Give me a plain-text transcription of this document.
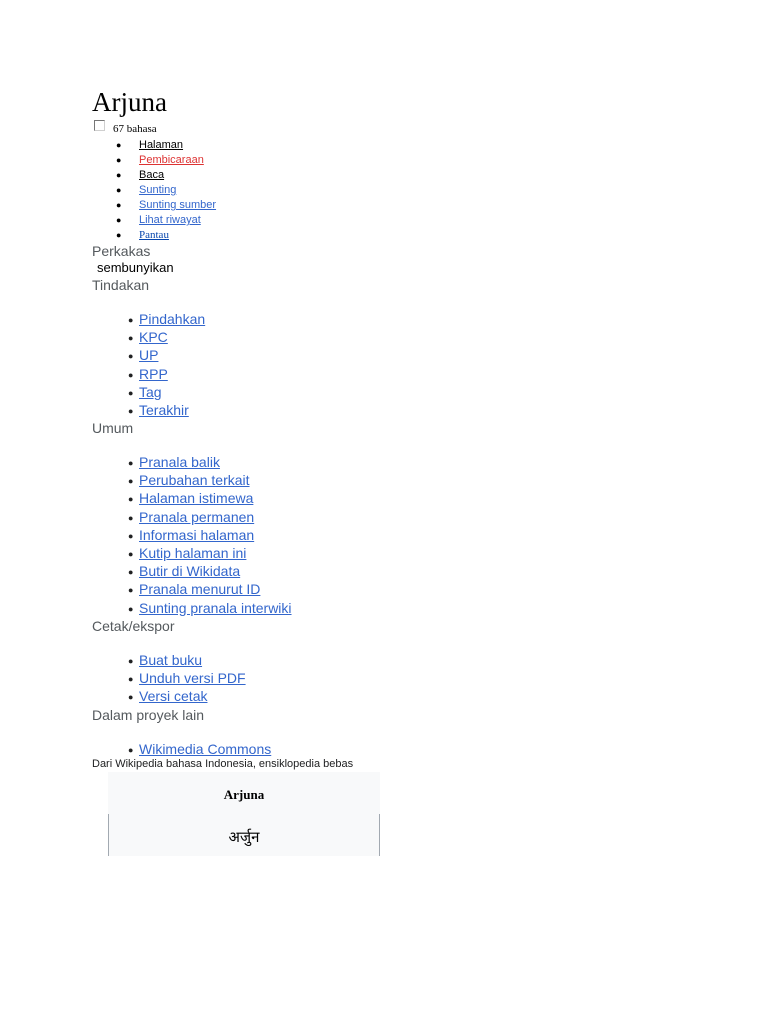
Arjuna
67 bahasa
● Halaman
● Pembicaraan
● Baca
● Sunting
● Sunting sumber
● Lihat riwayat
● Pantau
Perkakas
sembunyikan
Tindakan
● Pindahkan
● KPC
● UP
● RPP
● Tag
● Terakhir
Umum
● Pranala balik
● Perubahan terkait
● Halaman istimewa
● Pranala permanen
● Informasi halaman
● Kutip halaman ini
● Butir di Wikidata
● Pranala menurut ID
● Sunting pranala interwiki
Cetak/ekspor
● Buat buku
● Unduh versi PDF
● Versi cetak
Dalam proyek lain
● Wikimedia Commons
Dari Wikipedia bahasa Indonesia, ensiklopedia bebas
Arjuna
अर्जुन
